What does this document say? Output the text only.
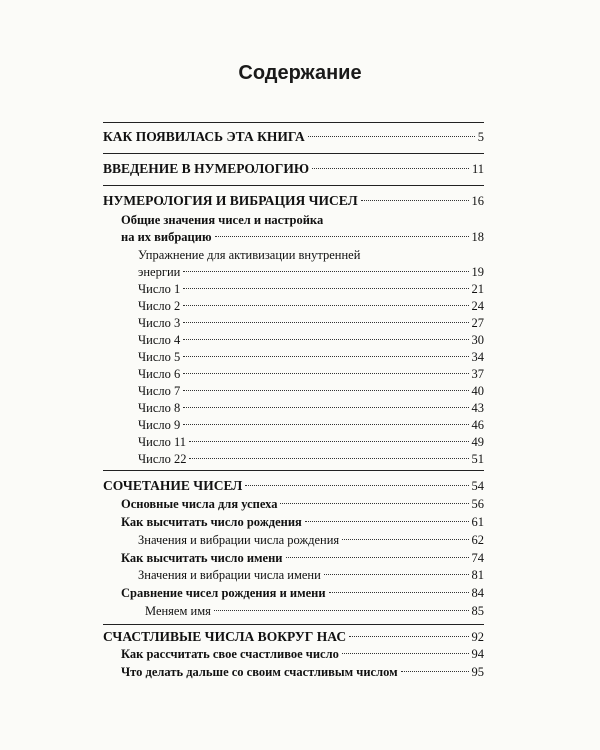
Содержание
КАК ПОЯВИЛАСЬ ЭТА КНИГА	5
ВВЕДЕНИЕ В НУМЕРОЛОГИЮ	11
НУМЕРОЛОГИЯ И ВИБРАЦИЯ ЧИСЕЛ	16
Общие значения чисел и настройка
на их вибрацию	18
Упражнение для активизации внутренней
энергии	19
Число 1	21
Число 2	24
Число 3	27
Число 4	30
Число 5	34
Число 6	37
Число 7	40
Число 8	43
Число 9	46
Число 11	49
Число 22	51
СОЧЕТАНИЕ ЧИСЕЛ	54
Основные числа для успеха	56
Как высчитать число рождения	61
Значения и вибрации числа рождения	62
Как высчитать число имени	74
Значения и вибрации числа имени	81
Сравнение чисел рождения и имени	84
Меняем имя	85
СЧАСТЛИВЫЕ ЧИСЛА ВОКРУГ НАС	92
Как рассчитать свое счастливое число	94
Что делать дальше со своим счастливым числом	95
